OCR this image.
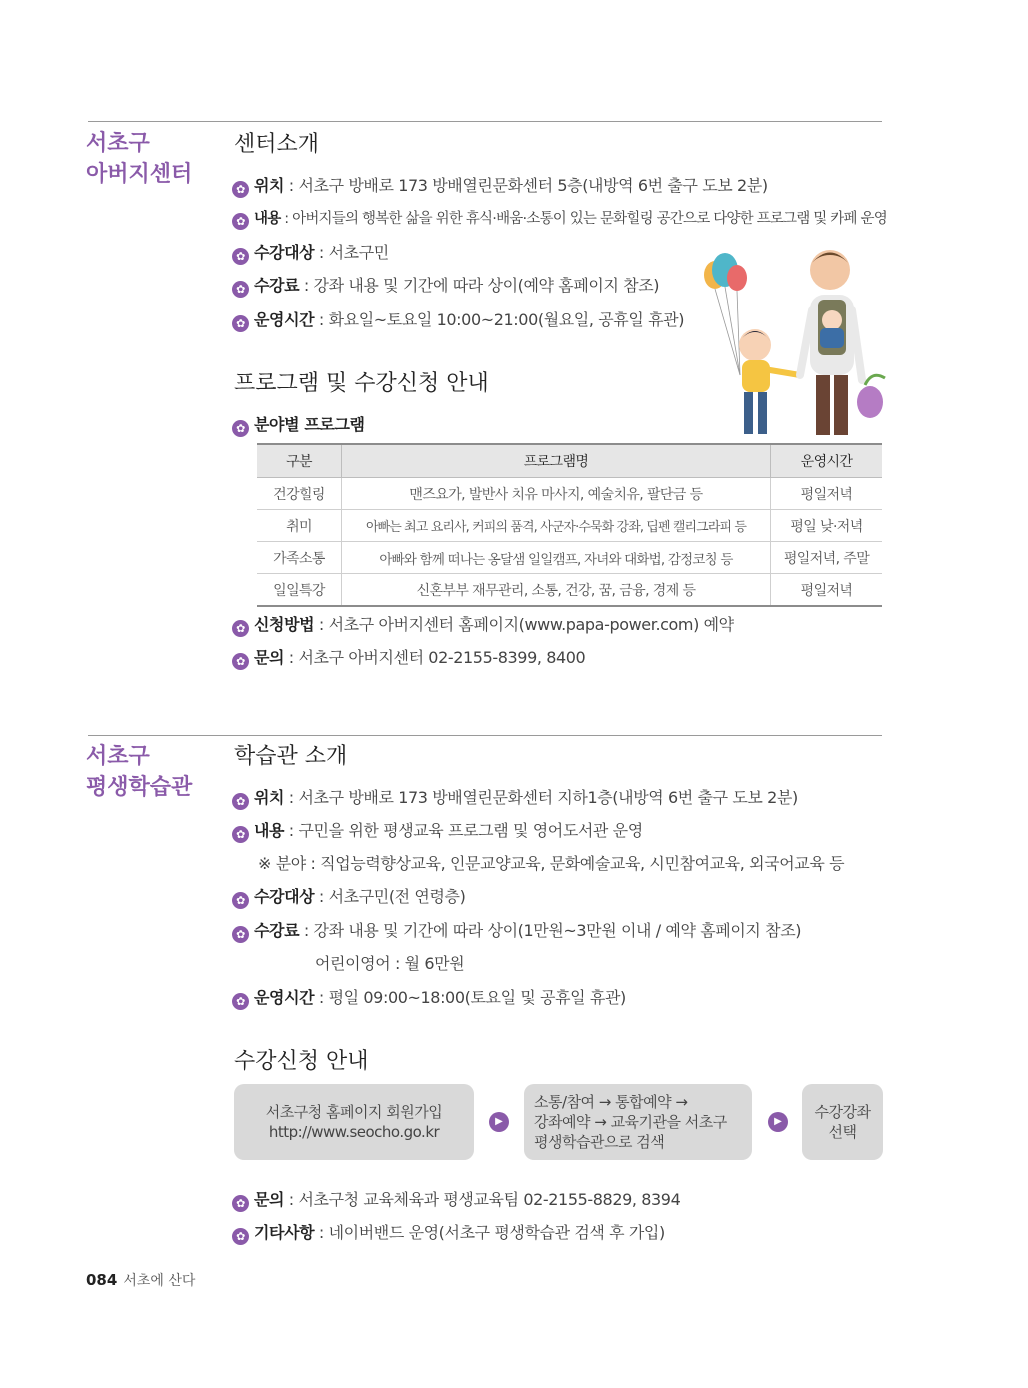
서초구
아버지센터
센터소개
✿ 위치 : 서초구 방배로 173 방배열린문화센터 5층(내방역 6번 출구 도보 2분)
✿ 내용 : 아버지들의 행복한 삶을 위한 휴식·배움·소통이 있는 문화힐링 공간으로 다양한 프로그램 및 카페 운영
✿ 수강대상 : 서초구민
✿ 수강료 : 강좌 내용 및 기간에 따라 상이(예약 홈페이지 참조)
✿ 운영시간 : 화요일~토요일 10:00~21:00(월요일, 공휴일 휴관)
프로그램 및 수강신청 안내
✿ 분야별 프로그램
구분	프로그램명	운영시간
건강힐링	맨즈요가, 발반사 치유 마사지, 예술치유, 팔단금 등	평일저녁
취미	아빠는 최고 요리사, 커피의 품격, 사군자·수묵화 강좌, 딥펜 캘리그라피 등	평일 낮·저녁
가족소통	아빠와 함께 떠나는 옹달샘 일일캠프, 자녀와 대화법, 감정코칭 등	평일저녁, 주말
일일특강	신혼부부 재무관리, 소통, 건강, 꿈, 금융, 경제 등	평일저녁
✿ 신청방법 : 서초구 아버지센터 홈페이지(www.papa-power.com) 예약
✿ 문의 : 서초구 아버지센터 02-2155-8399, 8400
서초구
평생학습관
학습관 소개
✿ 위치 : 서초구 방배로 173 방배열린문화센터 지하1층(내방역 6번 출구 도보 2분)
✿ 내용 : 구민을 위한 평생교육 프로그램 및 영어도서관 운영
※ 분야 : 직업능력향상교육, 인문교양교육, 문화예술교육, 시민참여교육, 외국어교육 등
✿ 수강대상 : 서초구민(전 연령층)
✿ 수강료 : 강좌 내용 및 기간에 따라 상이(1만원~3만원 이내 / 예약 홈페이지 참조)
어린이영어 : 월 6만원
✿ 운영시간 : 평일 09:00~18:00(토요일 및 공휴일 휴관)
수강신청 안내
서초구청 홈페이지 회원가입
http://www.seocho.go.kr
▶
소통/참여 → 통합예약 →
강좌예약 → 교육기관을 서초구
평생학습관으로 검색
▶
수강강좌
선택
✿ 문의 : 서초구청 교육체육과 평생교육팀 02-2155-8829, 8394
✿ 기타사항 : 네이버밴드 운영(서초구 평생학습관 검색 후 가입)
084 서초에 산다
